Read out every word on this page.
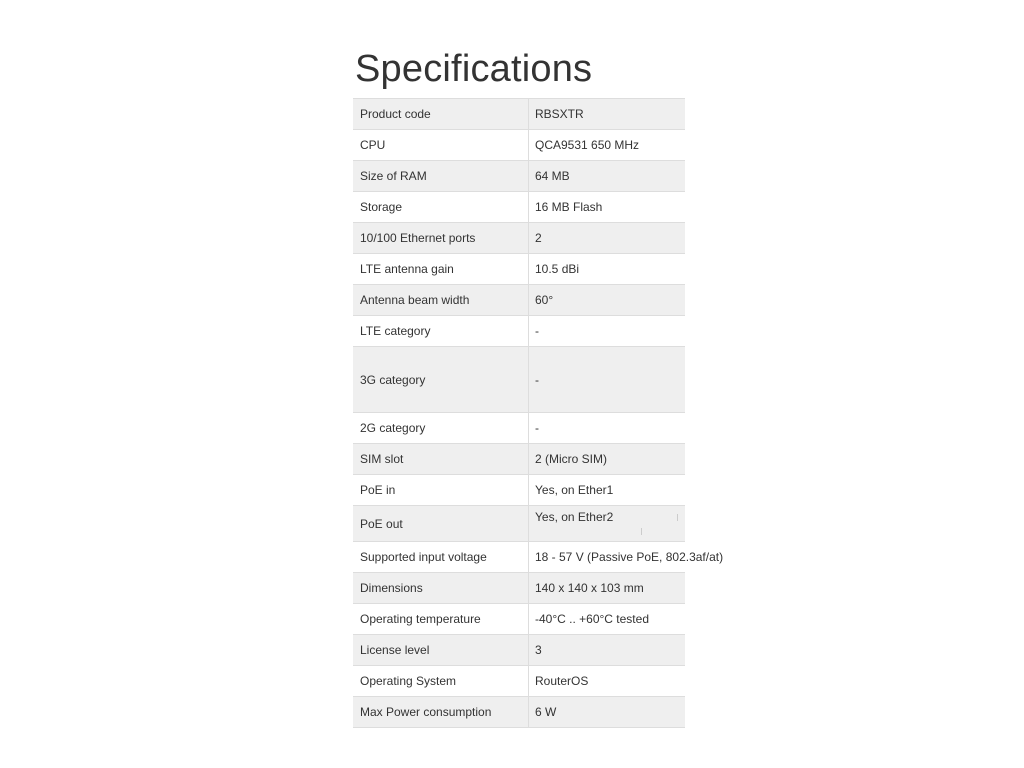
Specifications
Product code	RBSXTR
CPU	QCA9531 650 MHz
Size of RAM	64 MB
Storage	16 MB Flash
10/100 Ethernet ports	2
LTE antenna gain	10.5 dBi
Antenna beam width	60°
LTE category	-
3G category	-
2G category	-
SIM slot	2 (Micro SIM)
PoE in	Yes, on Ether1
PoE out	Yes, on Ether2
Supported input voltage	18 - 57 V (Passive PoE, 802.3af/at)
Dimensions	140 x 140 x 103 mm
Operating temperature	-40°C .. +60°C tested
License level	3
Operating System	RouterOS
Max Power consumption	6 W
